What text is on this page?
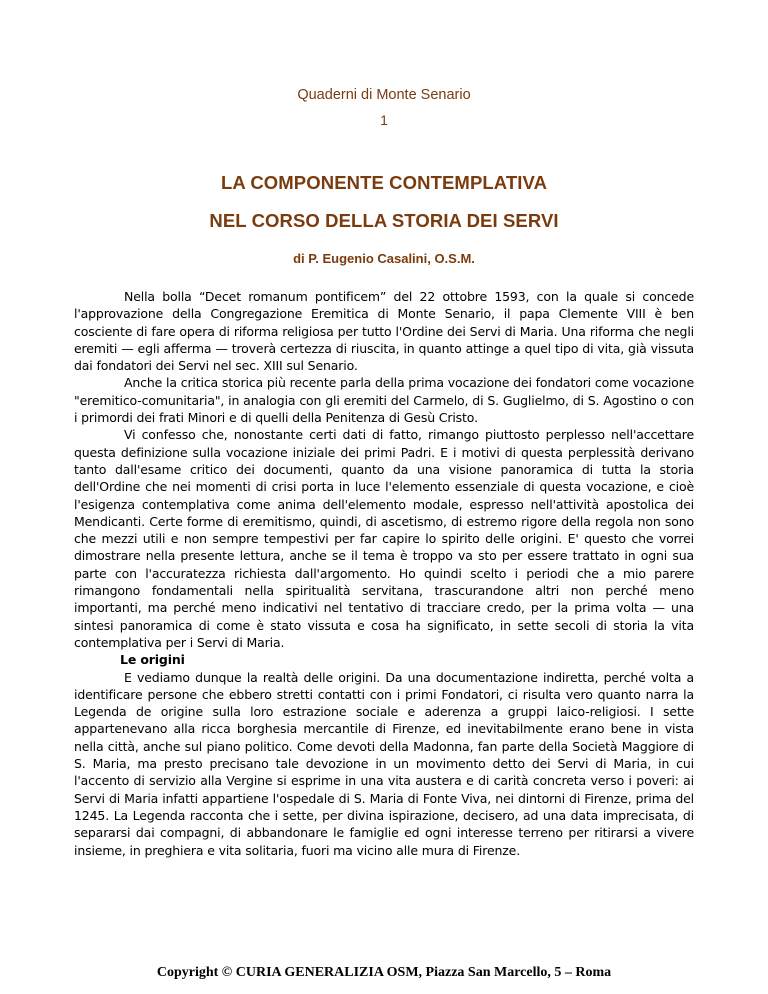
Quaderni di Monte Senario
1
LA COMPONENTE CONTEMPLATIVA
NEL CORSO DELLA STORIA DEI SERVI
di P. Eugenio Casalini, O.S.M.

Nella bolla “Decet romanum pontificem” del 22 ottobre 1593, con la quale si concede l'approvazione della Congregazione Eremitica di Monte Senario, il papa Clemente VIII è ben cosciente di fare opera di riforma religiosa per tutto l'Ordine dei Servi di Maria. Una riforma che negli eremiti — egli afferma — troverà certezza di riuscita, in quanto attinge a quel tipo di vita, già vissuta dai fondatori dei Servi nel sec. XIII sul Senario.

Anche la critica storica più recente parla della prima vocazione dei fondatori come vocazione "eremitico-comunitaria", in analogia con gli eremiti del Carmelo, di S. Guglielmo, di S. Agostino o con i primordi dei frati Minori e di quelli della Penitenza di Gesù Cristo.

Vi confesso che, nonostante certi dati di fatto, rimango piuttosto perplesso nell'accettare questa definizione sulla vocazione iniziale dei primi Padri. E i motivi di questa perplessità derivano tanto dall'esame critico dei documenti, quanto da una visione panoramica di tutta la storia dell'Ordine che nei momenti di crisi porta in luce l'elemento essenziale di questa vocazione, e cioè l'esigenza contemplativa come anima dell'elemento modale, espresso nell'attività apostolica dei Mendicanti. Certe forme di eremitismo, quindi, di ascetismo, di estremo rigore della regola non sono che mezzi utili e non sempre tempestivi per far capire lo spirito delle origini. E' questo che vorrei dimostrare nella presente lettura, anche se il tema è troppo va sto per essere trattato in ogni sua parte con l'accuratezza richiesta dall'argomento. Ho quindi scelto i periodi che a mio parere rimangono fondamentali nella spiritualità servitana, trascurandone altri non perché meno importanti, ma perché meno indicativi nel tentativo di tracciare credo, per la prima volta — una sintesi panoramica di come è stato vissuta e cosa ha significato, in sette secoli di storia la vita contemplativa per i Servi di Maria.

Le origini

E vediamo dunque la realtà delle origini. Da una documentazione indiretta, perché volta a identificare persone che ebbero stretti contatti con i primi Fondatori, ci risulta vero quanto narra la Legenda de origine sulla loro estrazione sociale e aderenza a gruppi laico-religiosi. I sette appartenevano alla ricca borghesia mercantile di Firenze, ed inevitabilmente erano bene in vista nella città, anche sul piano politico. Come devoti della Madonna, fan parte della Società Maggiore di S. Maria, ma presto precisano tale devozione in un movimento detto dei Servi di Maria, in cui l'accento di servizio alla Vergine si esprime in una vita austera e di carità concreta verso i poveri: ai Servi di Maria infatti appartiene l'ospedale di S. Maria di Fonte Viva, nei dintorni di Firenze, prima del 1245. La Legenda racconta che i sette, per divina ispirazione, decisero, ad una data imprecisata, di separarsi dai compagni, di abbandonare le famiglie ed ogni interesse terreno per ritirarsi a vivere insieme, in preghiera e vita solitaria, fuori ma vicino alle mura di Firenze.

Copyright © CURIA GENERALIZIA OSM, Piazza San Marcello, 5 – Roma
